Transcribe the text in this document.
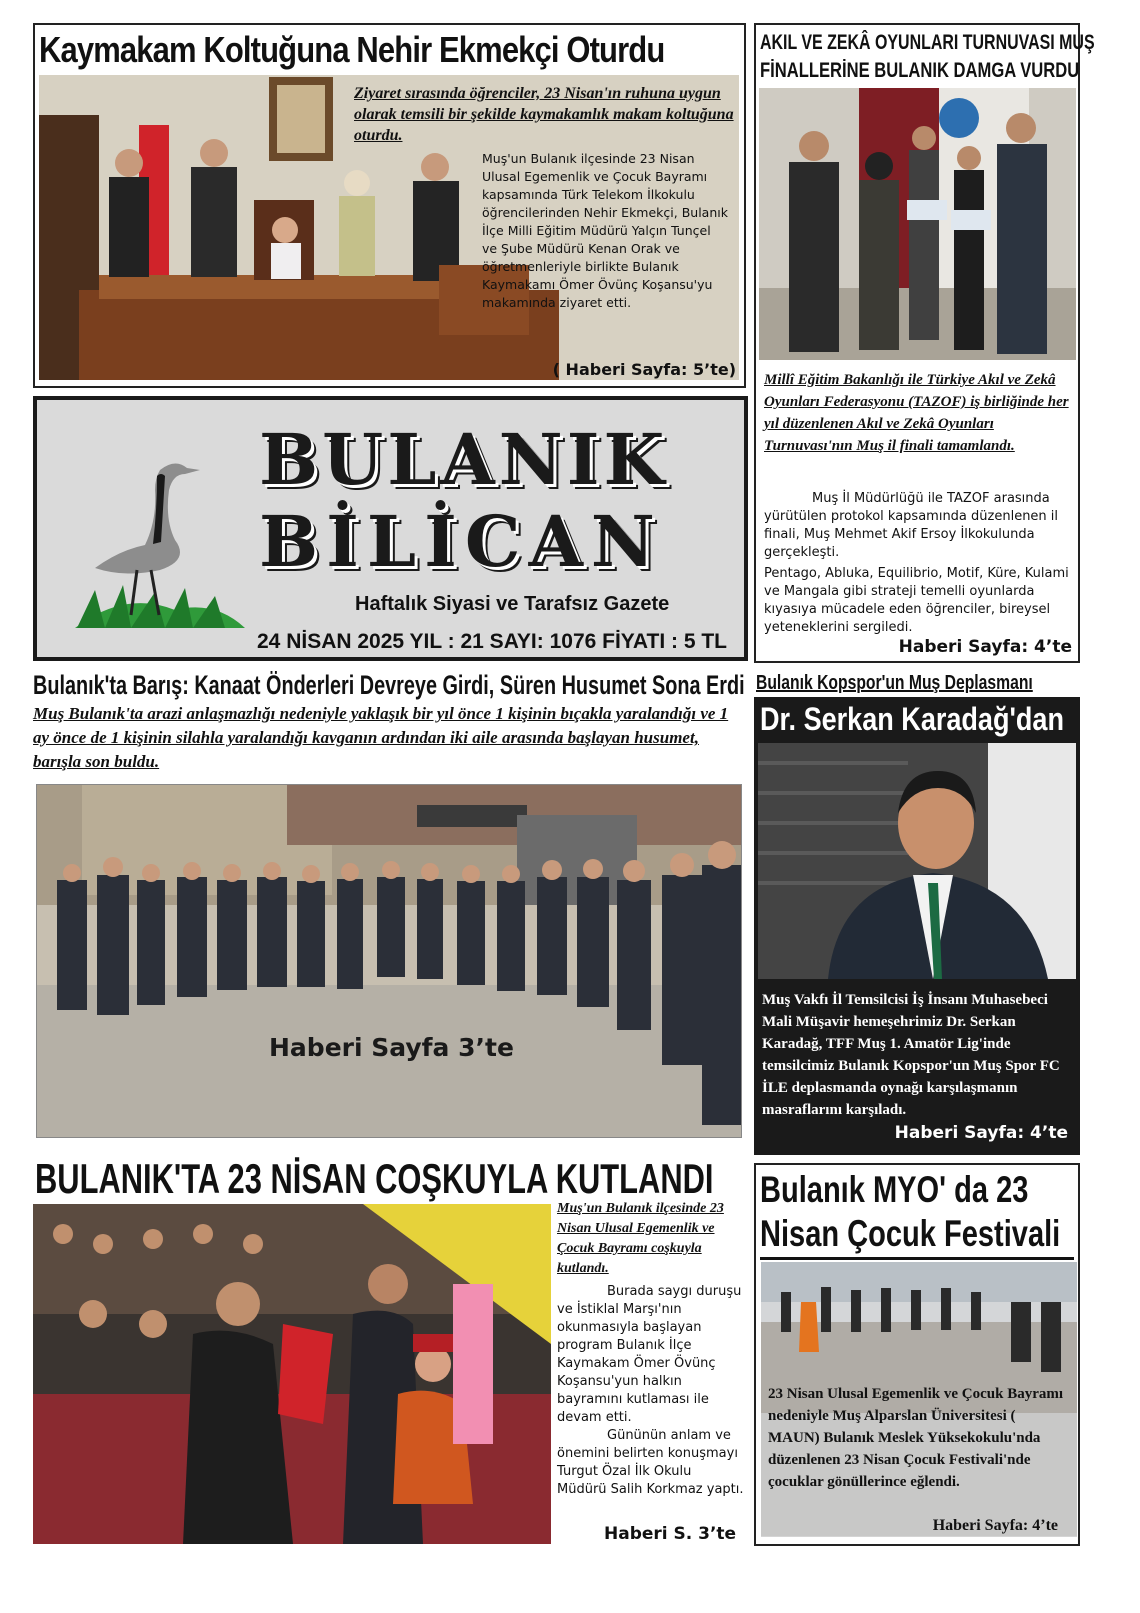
Kaymakam Koltuğuna Nehir Ekmekçi Oturdu

Ziyaret sırasında öğrenciler, 23 Nisan'ın ruhuna uygun olarak temsili bir şekilde kaymakamlık makam koltuğuna oturdu.

Muş'un Bulanık ilçesinde 23 Nisan Ulusal Egemenlik ve Çocuk Bayramı kapsamında Türk Telekom İlkokulu öğrencilerinden Nehir Ekmekçi, Bulanık İlçe Milli Eğitim Müdürü Yalçın Tunçel ve Şube Müdürü Kenan Orak ve öğretmenleriyle birlikte Bulanık Kaymakamı Ömer Övünç Koşansu'yu makamında ziyaret etti.

( Haberi Sayfa: 5’te)
AKIL VE ZEKÂ OYUNLARI TURNUVASI MUŞ
FİNALLERİNE BULANIK DAMGA VURDU

Millî Eğitim Bakanlığı ile Türkiye Akıl ve Zekâ Oyunları Federasyonu (TAZOF) iş birliğinde her yıl düzenlenen Akıl ve Zekâ Oyunları Turnuvası'nın Muş il finali tamamlandı.

Muş İl Müdürlüğü ile TAZOF arasında yürütülen protokol kapsamında düzenlenen il finali, Muş Mehmet Akif Ersoy İlkokulunda gerçekleşti.

Pentago, Abluka, Equilibrio, Motif, Küre, Kulami ve Mangala gibi strateji temelli oyunlarda kıyasıya mücadele eden öğrenciler, bireysel yeteneklerini sergiledi.

Haberi Sayfa: 4’te
BULANIK
BİLİCAN
Haftalık Siyasi ve Tarafsız Gazete
24 NİSAN 2025 YIL : 21 SAYI: 1076 FİYATI : 5 TL
Bulanık'ta Barış: Kanaat Önderleri Devreye Girdi, Süren Husumet Sona Erdi

Muş Bulanık'ta arazi anlaşmazlığı nedeniyle yaklaşık bir yıl önce 1 kişinin bıçakla yaralandığı ve 1 ay önce de 1 kişinin silahla yaralandığı kavganın ardından iki aile arasında başlayan husumet, barışla son buldu.

Haberi Sayfa 3’te
Bulanık Kopspor'un Muş Deplasmanı
Dr. Serkan Karadağ'dan

Muş Vakfı İl Temsilcisi İş İnsanı Muhasebeci Mali Müşavir hemeşehrimiz Dr. Serkan Karadağ, TFF Muş 1. Amatör Lig'inde temsilcimiz Bulanık Kopspor'un Muş Spor FC İLE deplasmanda oynağı karşılaşmanın masraflarını karşıladı.

Haberi Sayfa: 4’te
BULANIK'TA 23 NİSAN COŞKUYLA KUTLANDI

Muş'un Bulanık ilçesinde 23 Nisan Ulusal Egemenlik ve Çocuk Bayramı coşkuyla kutlandı.

Burada saygı duruşu ve İstiklal Marşı'nın okunmasıyla başlayan program Bulanık İlçe Kaymakam Ömer Övünç Koşansu'yun halkın bayramını kutlaması ile devam etti.

Gününün anlam ve önemini belirten konuşmayı Turgut Özal İlk Okulu Müdürü Salih Korkmaz yaptı.

Haberi S. 3’te
Bulanık MYO' da 23
Nisan Çocuk Festivali

23 Nisan Ulusal Egemenlik ve Çocuk Bayramı nedeniyle Muş Alparslan Üniversitesi ( MAUN) Bulanık Meslek Yüksekokulu'nda düzenlenen 23 Nisan Çocuk Festivali'nde çocuklar gönüllerince eğlendi.

Haberi Sayfa: 4’te
